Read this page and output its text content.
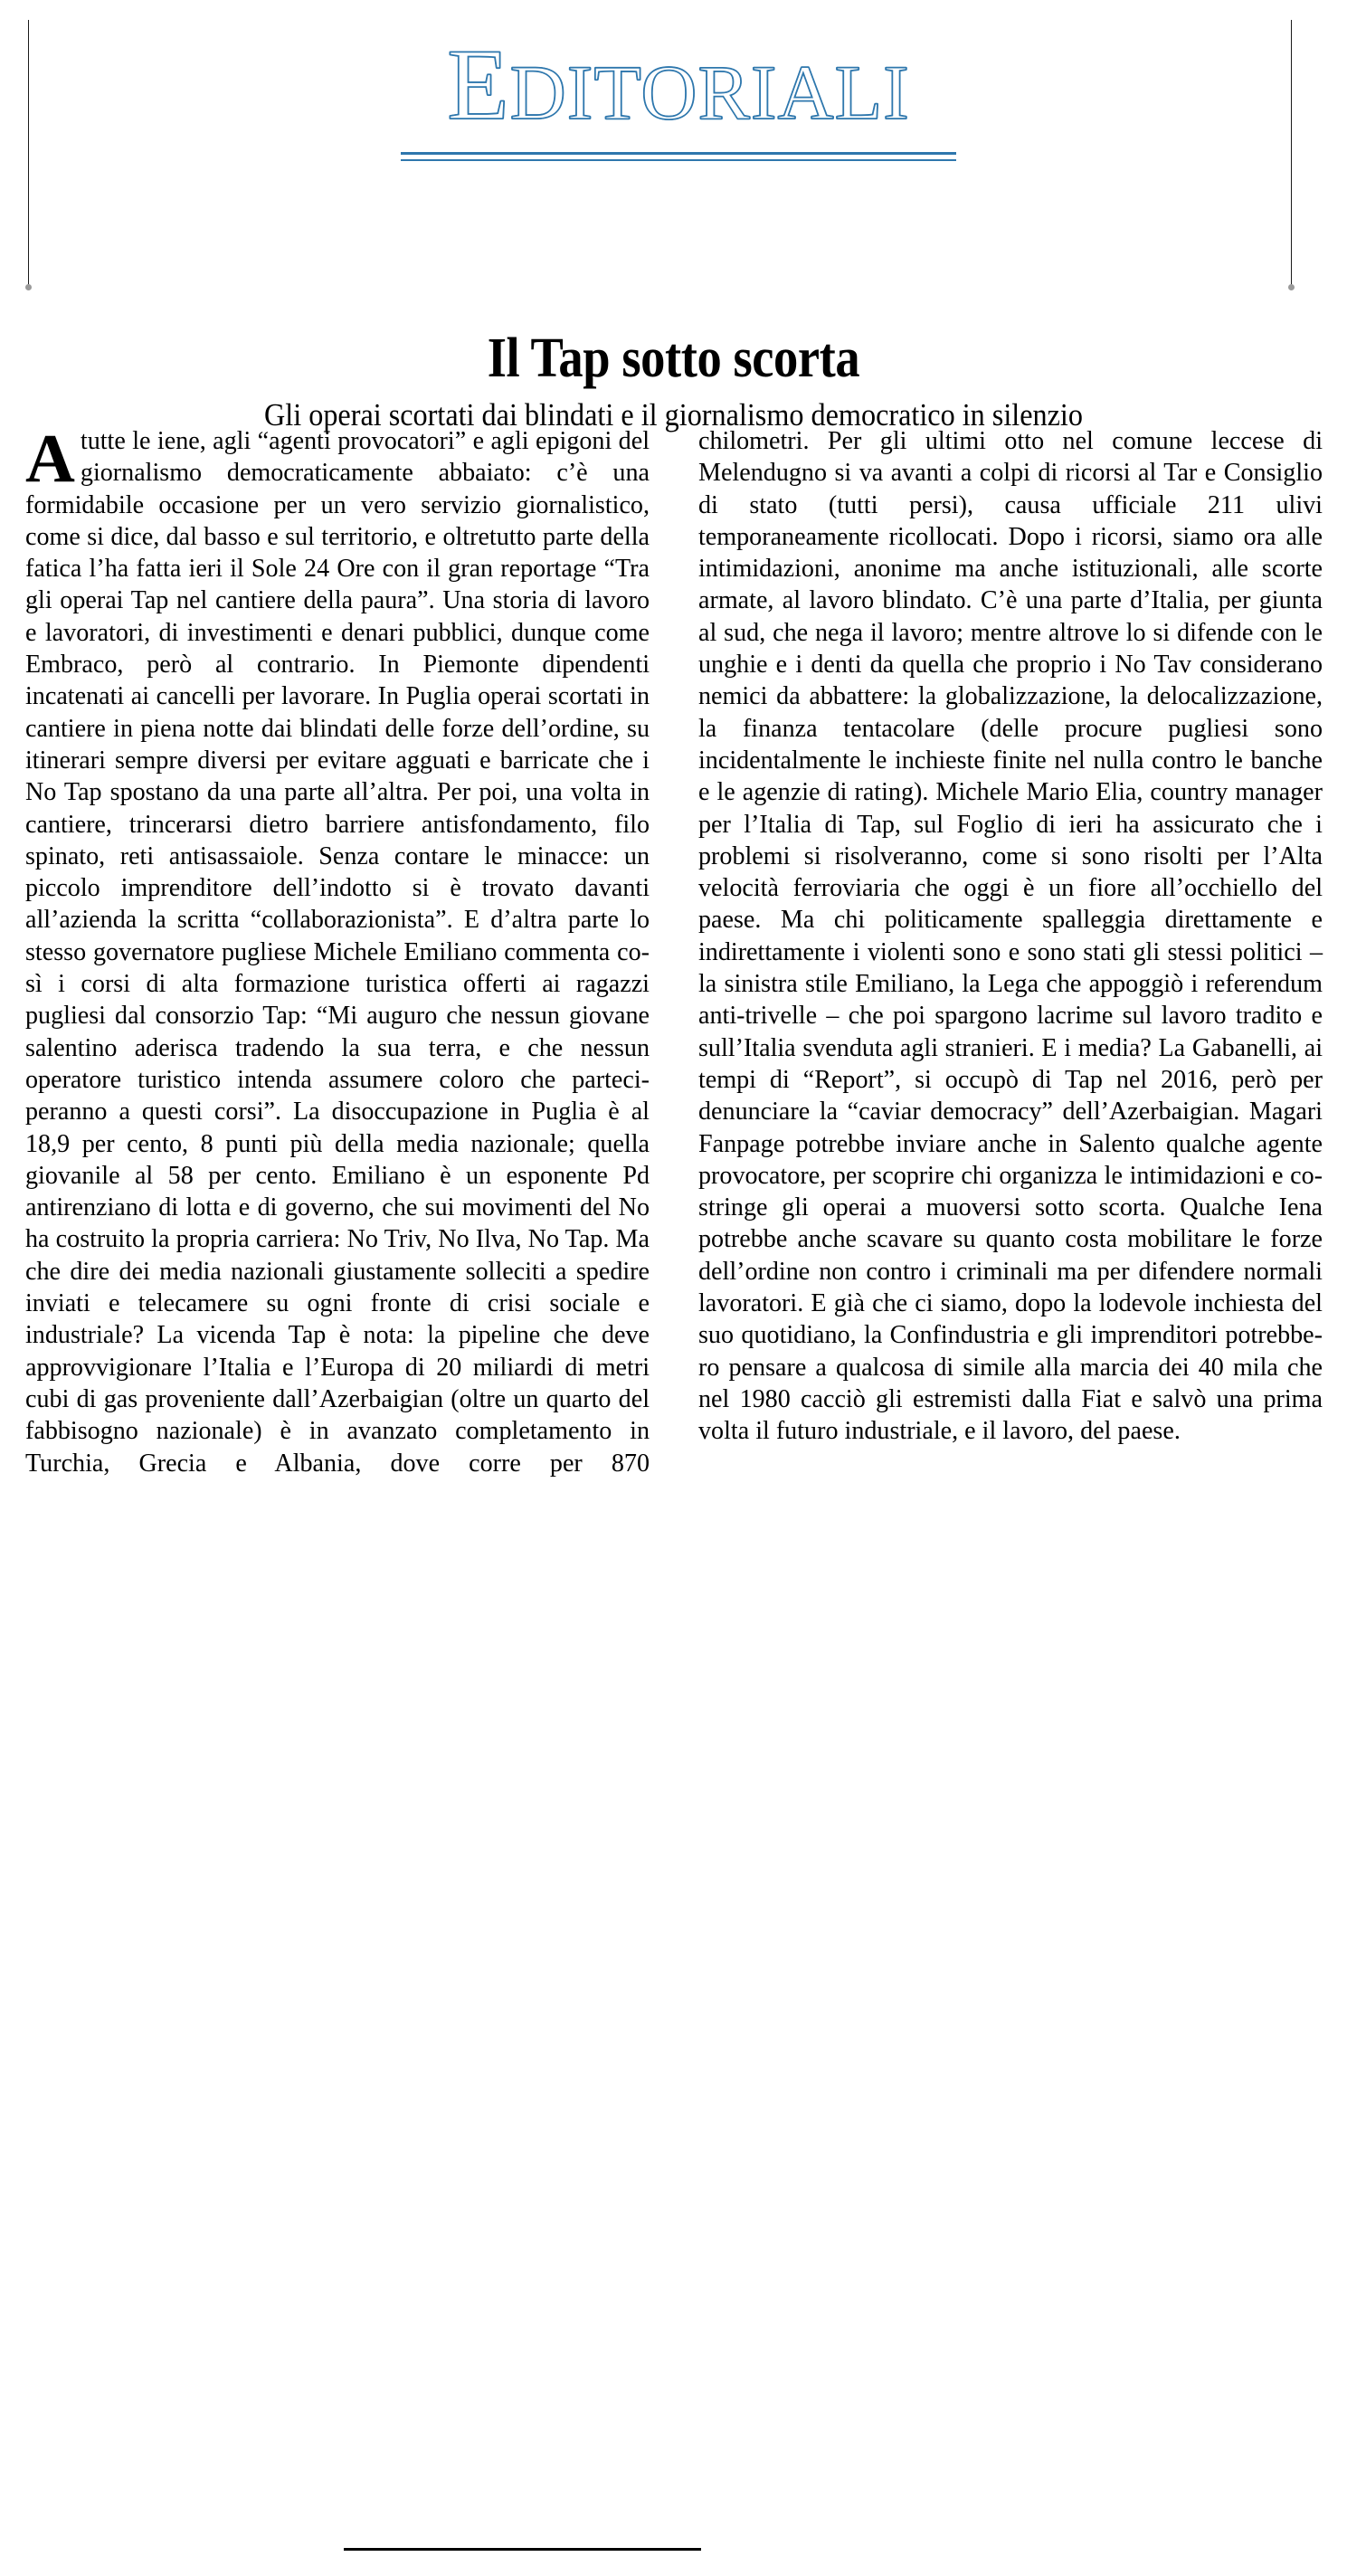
EDITORIALI
Il Tap sotto scorta
Gli operai scortati dai blindati e il giornalismo democratico in silenzio

Atutte le iene, agli “agenti provocatori” e agli epigoni del giornalismo democraticamente abbaiato: c’è una formidabile occasione per un vero servizio giornalistico, come si dice, dal basso e sul territorio, e oltretutto parte della fatica l’ha fatta ieri il Sole 24 Ore con il gran reportage “Tra gli operai Tap nel cantiere della paura”. Una storia di lavoro e lavoratori, di investimenti e denari pubblici, dunque come Embraco, però al contrario. In Piemonte dipendenti incatenati ai cancelli per lavorare. In Puglia operai scortati in cantiere in piena notte dai blindati delle forze dell’ordine, su itinerari sempre diversi per evitare agguati e barricate che i No Tap spostano da una parte all’altra. Per poi, una volta in cantiere, trincerarsi dietro barriere antisfondamento, filo spinato, reti antisassaiole. Senza contare le minacce: un piccolo imprenditore dell’indotto si è trovato davanti all’azienda la scritta “collaborazionista”. E d’altra parte lo stesso governatore pugliese Michele Emiliano commenta così i corsi di alta formazione turistica offerti ai ragazzi pugliesi dal consorzio Tap: “Mi auguro che nessun giovane salentino aderisca tradendo la sua terra, e che nessun operatore turistico intenda assumere coloro che parteciperanno a questi corsi”. La disoccupazione in Puglia è al 18,9 per cento, 8 punti più della media nazionale; quella giovanile al 58 per cento. Emiliano è un esponente Pd antirenziano di lotta e di governo, che sui movimenti del No ha costruito la propria carriera: No Triv, No Ilva, No Tap. Ma che dire dei media nazionali giustamente solleciti a spedire inviati e telecamere su ogni fronte di crisi sociale e industriale? La vicenda Tap è nota: la pipeline che deve approvvigionare l’Italia e l’Europa di 20 miliardi di metri cubi di gas proveniente dall’Azerbaigian (oltre un quarto del fabbisogno nazionale) è in avanzato completamento in Turchia, Grecia e Albania, dove corre per 870

chilometri. Per gli ultimi otto nel comune leccese di Melendugno si va avanti a colpi di ricorsi al Tar e Consiglio di stato (tutti persi), causa ufficiale 211 ulivi temporaneamente ricollocati. Dopo i ricorsi, siamo ora alle intimidazioni, anonime ma anche istituzionali, alle scorte armate, al lavoro blindato. C’è una parte d’Italia, per giunta al sud, che nega il lavoro; mentre altrove lo si difende con le unghie e i denti da quella che proprio i No Tav considerano nemici da abbattere: la globalizzazione, la delocalizzazione, la finanza tentacolare (delle procure pugliesi sono incidentalmente le inchieste finite nel nulla contro le banche e le agenzie di rating). Michele Mario Elia, country manager per l’Italia di Tap, sul Foglio di ieri ha assicurato che i problemi si risolveranno, come si sono risolti per l’Alta velocità ferroviaria che oggi è un fiore all’occhiello del paese. Ma chi politicamente spalleggia direttamente e indirettamente i violenti sono e sono stati gli stessi politici – la sinistra stile Emiliano, la Lega che appoggiò i referendum anti-trivelle – che poi spargono lacrime sul lavoro tradito e sull’Italia svenduta agli stranieri. E i media? La Gabanelli, ai tempi di “Report”, si occupò di Tap nel 2016, però per denunciare la “caviar democracy” dell’Azerbaigian. Magari Fanpage potrebbe inviare anche in Salento qualche agente provocatore, per scoprire chi organizza le intimidazioni e costringe gli operai a muoversi sotto scorta. Qualche Iena potrebbe anche scavare su quanto costa mobilitare le forze dell’ordine non contro i criminali ma per difendere normali lavoratori. E già che ci siamo, dopo la lodevole inchiesta del suo quotidiano, la Confindustria e gli imprenditori potrebbero pensare a qualcosa di simile alla marcia dei 40 mila che nel 1980 cacciò gli estremisti dalla Fiat e salvò una prima volta il futuro industriale, e il lavoro, del paese.
